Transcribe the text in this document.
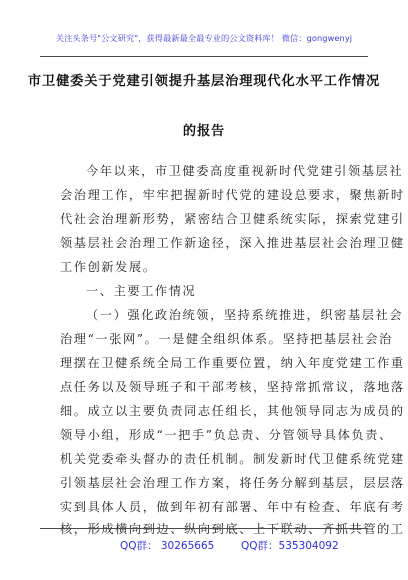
关注头条号"公文研究"，获得最新最全最专业的公文资料库！ 微信：gongwenyj
市卫健委关于党建引领提升基层治理现代化水平工作情况
的报告
今年以来，市卫健委高度重视新时代党建引领基层社
会治理工作，牢牢把握新时代党的建设总要求，聚焦新时
代社会治理新形势，紧密结合卫健系统实际，探索党建引
领基层社会治理工作新途径，深入推进基层社会治理卫健
工作创新发展。
一、主要工作情况
（一）强化政治统领，坚持系统推进，织密基层社会
治理“一张网”。一是健全组织体系。坚持把基层社会治
理摆在卫健系统全局工作重要位置，纳入年度党建工作重
点任务以及领导班子和干部考核，坚持常抓常议，落地落
细。成立以主要负责同志任组长，其他领导同志为成员的
领导小组，形成“一把手”负总责、分管领导具体负责、
机关党委牵头督办的责任机制。制发新时代卫健系统党建
引领基层社会治理工作方案，将任务分解到基层，层层落
实到具体人员，做到年初有部署、年中有检查、年底有考
核，形成横向到边、纵向到底、上下联动、齐抓共管的工
QQ群： 30265665	QQ群：535304092
